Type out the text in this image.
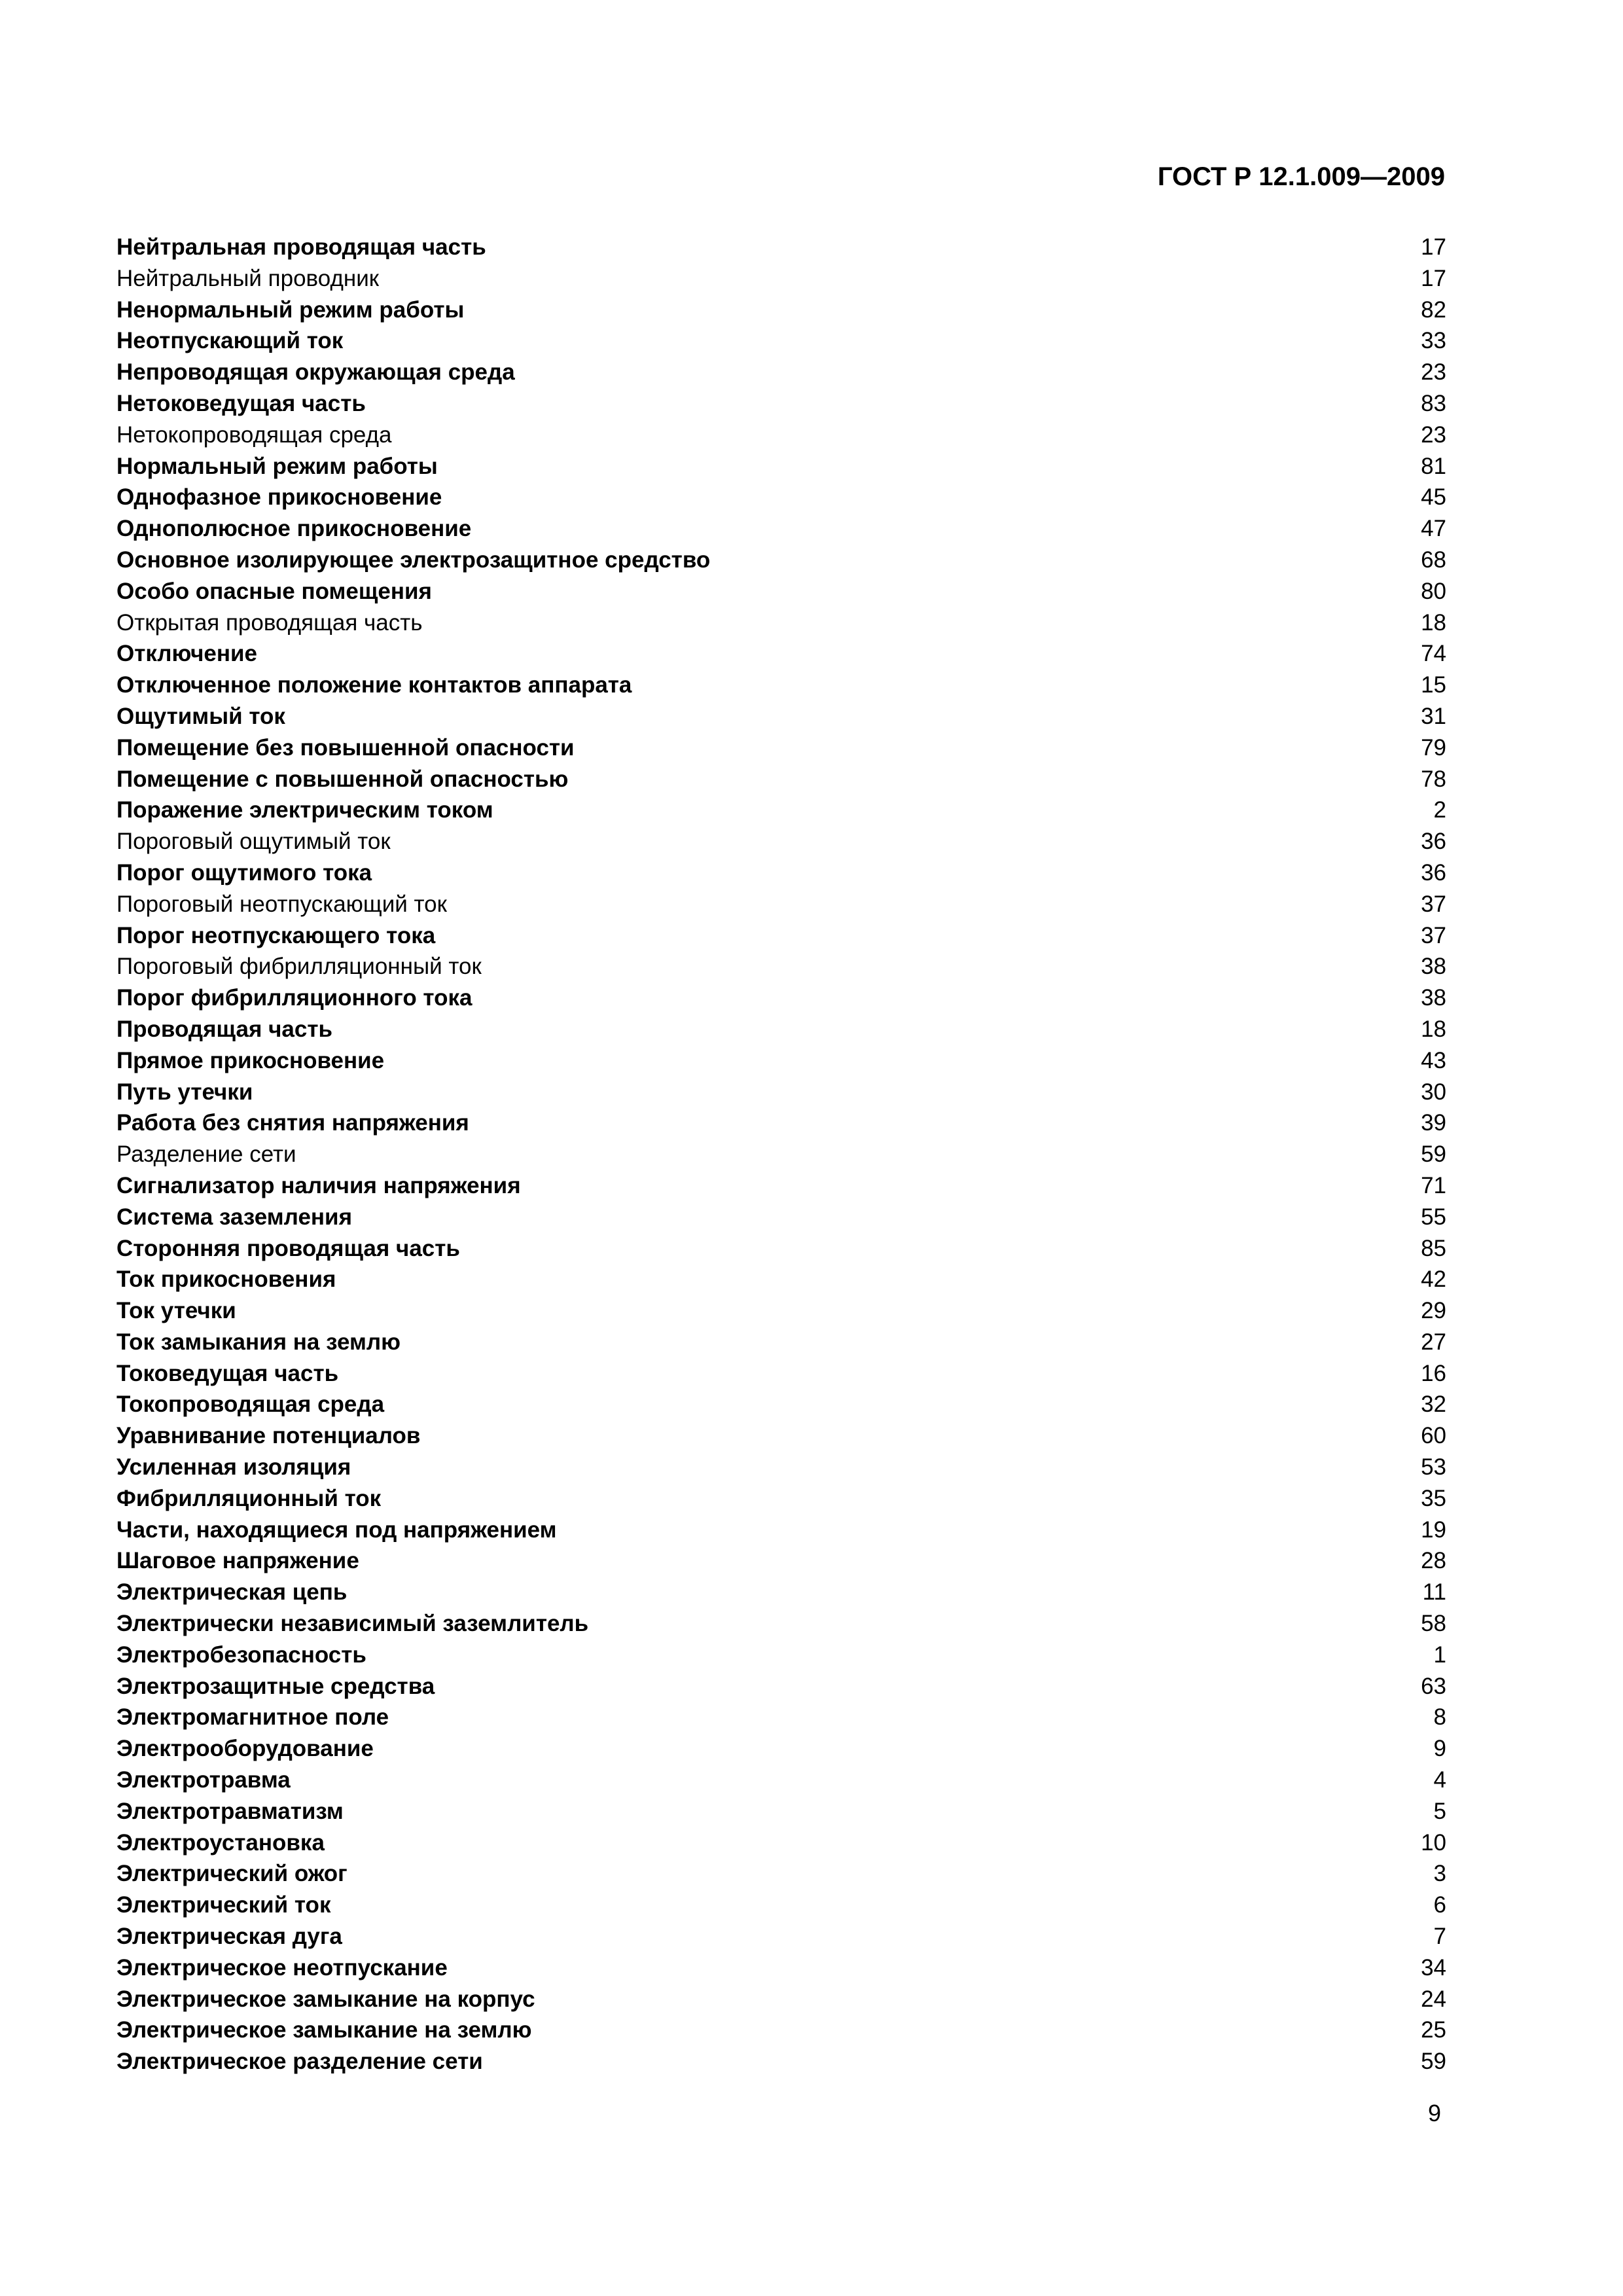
ГОСТ Р 12.1.009—2009
Нейтральная проводящая часть	17
Нейтральный проводник	17
Ненормальный режим работы	82
Неотпускающий ток	33
Непроводящая окружающая среда	23
Нетоковедущая часть	83
Нетокопроводящая среда	23
Нормальный режим работы	81
Однофазное прикосновение	45
Однополюсное прикосновение	47
Основное изолирующее электрозащитное средство	68
Особо опасные помещения	80
Открытая проводящая часть	18
Отключение	74
Отключенное положение контактов аппарата	15
Ощутимый ток	31
Помещение без повышенной опасности	79
Помещение с повышенной опасностью	78
Поражение электрическим током	2
Пороговый ощутимый ток	36
Порог ощутимого тока	36
Пороговый неотпускающий ток	37
Порог неотпускающего тока	37
Пороговый фибрилляционный ток	38
Порог фибрилляционного тока	38
Проводящая часть	18
Прямое прикосновение	43
Путь утечки	30
Работа без снятия напряжения	39
Разделение сети	59
Сигнализатор наличия напряжения	71
Система заземления	55
Сторонняя проводящая часть	85
Ток прикосновения	42
Ток утечки	29
Ток замыкания на землю	27
Токоведущая часть	16
Токопроводящая среда	32
Уравнивание потенциалов	60
Усиленная изоляция	53
Фибрилляционный ток	35
Части, находящиеся под напряжением	19
Шаговое напряжение	28
Электрическая цепь	11
Электрически независимый заземлитель	58
Электробезопасность	1
Электрозащитные средства	63
Электромагнитное поле	8
Электрооборудование	9
Электротравма	4
Электротравматизм	5
Электроустановка	10
Электрический ожог	3
Электрический ток	6
Электрическая дуга	7
Электрическое неотпускание	34
Электрическое замыкание на корпус	24
Электрическое замыкание на землю	25
Электрическое разделение сети	59
9
